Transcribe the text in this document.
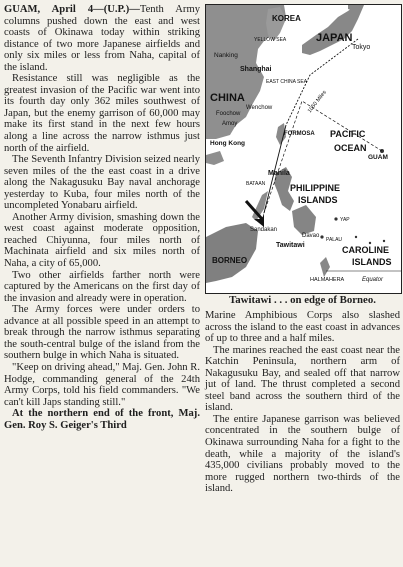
GUAM, April 4—(U.P.)—Tenth Army columns pushed down the east and west coasts of Okinawa today within striking distance of two more Japanese airfields and only six miles or less from Naha, capital of the island.

Resistance still was negligible as the greatest invasion of the Pacific war went into its fourth day only 362 miles southwest of Japan, but the enemy garrison of 60,000 may make its first stand in the next few hours along a line across the narrow isthmus just north of the airfield.

The Seventh Infantry Division seized nearly seven miles of the the east coast in a drive along the Nakagusuku Bay naval anchorage yesterday to Kuba, four miles north of the uncompleted Yonabaru airfield.

Another Army division, smashing down the west coast against moderate opposition, reached Chiyunna, four miles north of Machinata airfield and six miles north of Naha, a city of 65,000.

Two other airfields farther north were captured by the Americans on the first day of the invasion and already were in operation.

The Army forces were under orders to advance at all possible speed in an attempt to break through the narrow isthmus separating the south-central bulge of the island from the southern bulge in which Naha is situated.

"Keep on driving ahead," Maj. Gen. John R. Hodge, commanding general of the 24th Army Corps, told his field commanders. "We can't kill Japs standing still."

At the northern end of the front, Maj. Gen. Roy S. Geiger's Third

KOREA
JAPAN
Tokyo
YELLOW SEA
Nanking
Shanghai
EAST CHINA SEA
CHINA
Foochow
Wenchow
Amoy
FORMOSA
1050 Miles
PACIFIC
OCEAN
Hong Kong
Manila
BATAAN	PHILIPPINE
ISLANDS
GUAM
Sandakan
Davao
Tawitawi
BORNEO
HALMAHERA
YAP
PALAU
CAROLINE
ISLANDS
Equator
Tawitawi . . . on edge of Borneo.

Marine Amphibious Corps also slashed across the island to the east coast in advances of up to three and a half miles.

The marines reached the east coast near the Katchin Peninsula, northern arm of Nakagusuku Bay, and sealed off that narrow jut of land. The thrust completed a second steel band across the southern third of the island.

The entire Japanese garrison was believed concentrated in the southern bulge of Okinawa surrounding Naha for a fight to the death, while a majority of the island's 435,000 civilians probably moved to the more rugged northern two-thirds of the island.
